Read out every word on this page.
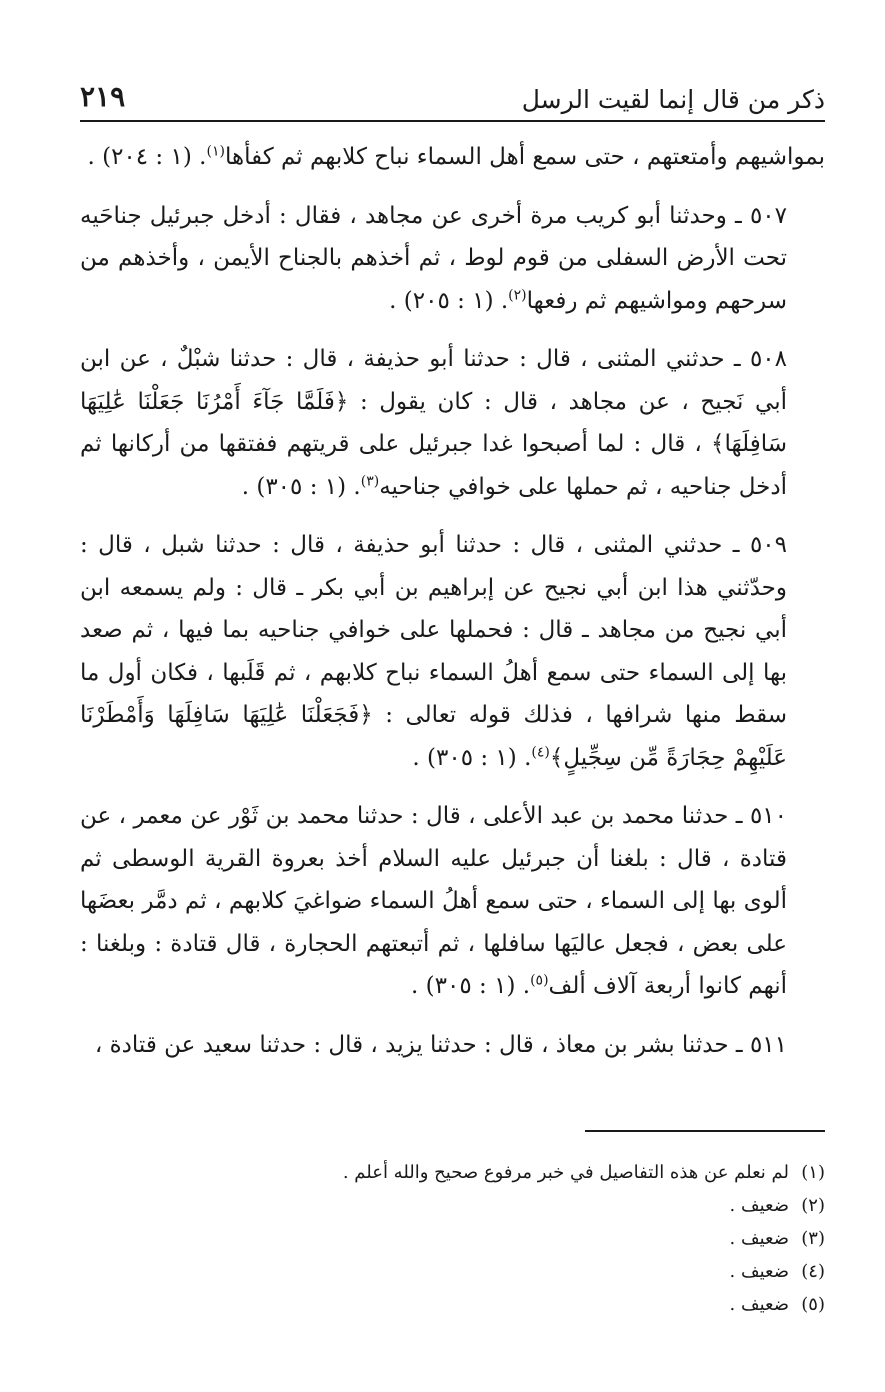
ذكر من قال إنما لقيت الرسل
٢١٩

بمواشيهم وأمتعتهم ، حتى سمع أهل السماء نباح كلابهم ثم كفأها$^{(١)}$. (١ : ٢٠٤) .

٥٠٧ ـ وحدثنا أبو كريب مرة أخرى عن مجاهد ، فقال : أدخل جبرئيل جناحَيه تحت الأرض السفلى من قوم لوط ، ثم أخذهم بالجناح الأيمن ، وأخذهم من سرحهم ومواشيهم ثم رفعها$^{(٢)}$. (١ : ٢٠٥) .

٥٠٨ ـ حدثني المثنى ، قال : حدثنا أبو حذيفة ، قال : حدثنا شبْلٌ ، عن ابن أبي نَجيح ، عن مجاهد ، قال : كان يقول : ﴿فَلَمَّا جَآءَ أَمْرُنَا جَعَلْنَا عَٰلِيَهَا سَافِلَهَا﴾ ، قال : لما أصبحوا غدا جبرئيل على قريتهم ففتقها من أركانها ثم أدخل جناحيه ، ثم حملها على خوافي جناحيه$^{(٣)}$. (١ : ٣٠٥) .

٥٠٩ ـ حدثني المثنى ، قال : حدثنا أبو حذيفة ، قال : حدثنا شبل ، قال : وحدّثني هذا ابن أبي نجيح عن إبراهيم بن أبي بكر ـ قال : ولم يسمعه ابن أبي نجيح من مجاهد ـ قال : فحملها على خوافي جناحيه بما فيها ، ثم صعد بها إلى السماء حتى سمع أهلُ السماء نباح كلابهم ، ثم قَلَبها ، فكان أول ما سقط منها شرافها ، فذلك قوله تعالى : ﴿فَجَعَلْنَا عَٰلِيَهَا سَافِلَهَا وَأَمْطَرْنَا عَلَيْهِمْ حِجَارَةً مِّن سِجِّيلٍ﴾$^{(٤)}$. (١ : ٣٠٥) .

٥١٠ ـ حدثنا محمد بن عبد الأعلى ، قال : حدثنا محمد بن ثَوْر عن معمر ، عن قتادة ، قال : بلغنا أن جبرئيل عليه السلام أخذ بعروة القرية الوسطى ثم ألوى بها إلى السماء ، حتى سمع أهلُ السماء ضواغيَ كلابهم ، ثم دمَّر بعضَها على بعض ، فجعل عاليَها سافلها ، ثم أتبعتهم الحجارة ، قال قتادة : وبلغنا : أنهم كانوا أربعة آلاف ألف$^{(٥)}$. (١ : ٣٠٥) .

٥١١ ـ حدثنا بشر بن معاذ ، قال : حدثنا يزيد ، قال : حدثنا سعيد عن قتادة ،

(١)لم نعلم عن هذه التفاصيل في خبر مرفوع صحيح والله أعلم .
(٢)ضعيف .
(٣)ضعيف .
(٤)ضعيف .
(٥)ضعيف .
